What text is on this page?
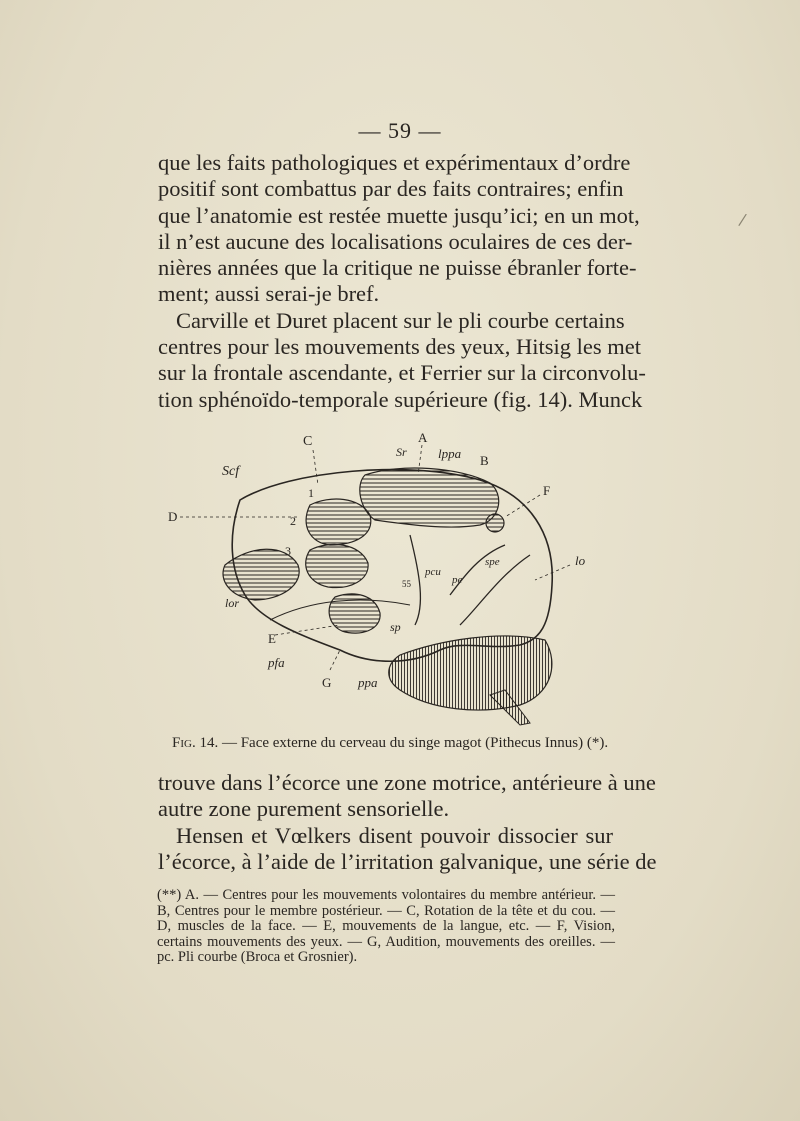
— 59 —
/
que les faits pathologiques et expérimentaux d’ordre
positif sont combattus par des faits contraires; enfin
que l’anatomie est restée muette jusqu’ici; en un mot,
il n’est aucune des localisations oculaires de ces der-
nières années que la critique ne puisse ébranler forte-
ment; aussi serai-je bref.
Carville et Duret placent sur le pli courbe certains
centres pour les mouvements des yeux, Hitsig les met
sur la frontale ascendante, et Ferrier sur la circonvolu-
tion sphénoïdo-temporale supérieure (fig. 14). Munck
C	A
Sr lppa B
Scf
F
D
1
2
3
pcu
spe
pe
55
lo
lor
sp
E
pfa
G ppa
Fig. 14. — Face externe du cerveau du singe magot (Pithecus Innus) (*).
trouve dans l’écorce une zone motrice, antérieure à une
autre zone purement sensorielle.
Hensen et Vœlkers disent pouvoir dissocier sur
l’écorce, à l’aide de l’irritation galvanique, une série de
(**) A. — Centres pour les mouvements volontaires du membre antérieur. —
B, Centres pour le membre postérieur. — C, Rotation de la tête et du cou. —
D, muscles de la face. — E, mouvements de la langue, etc. — F, Vision,
certains mouvements des yeux. — G, Audition, mouvements des oreilles. —
pc. Pli courbe (Broca et Grosnier).
